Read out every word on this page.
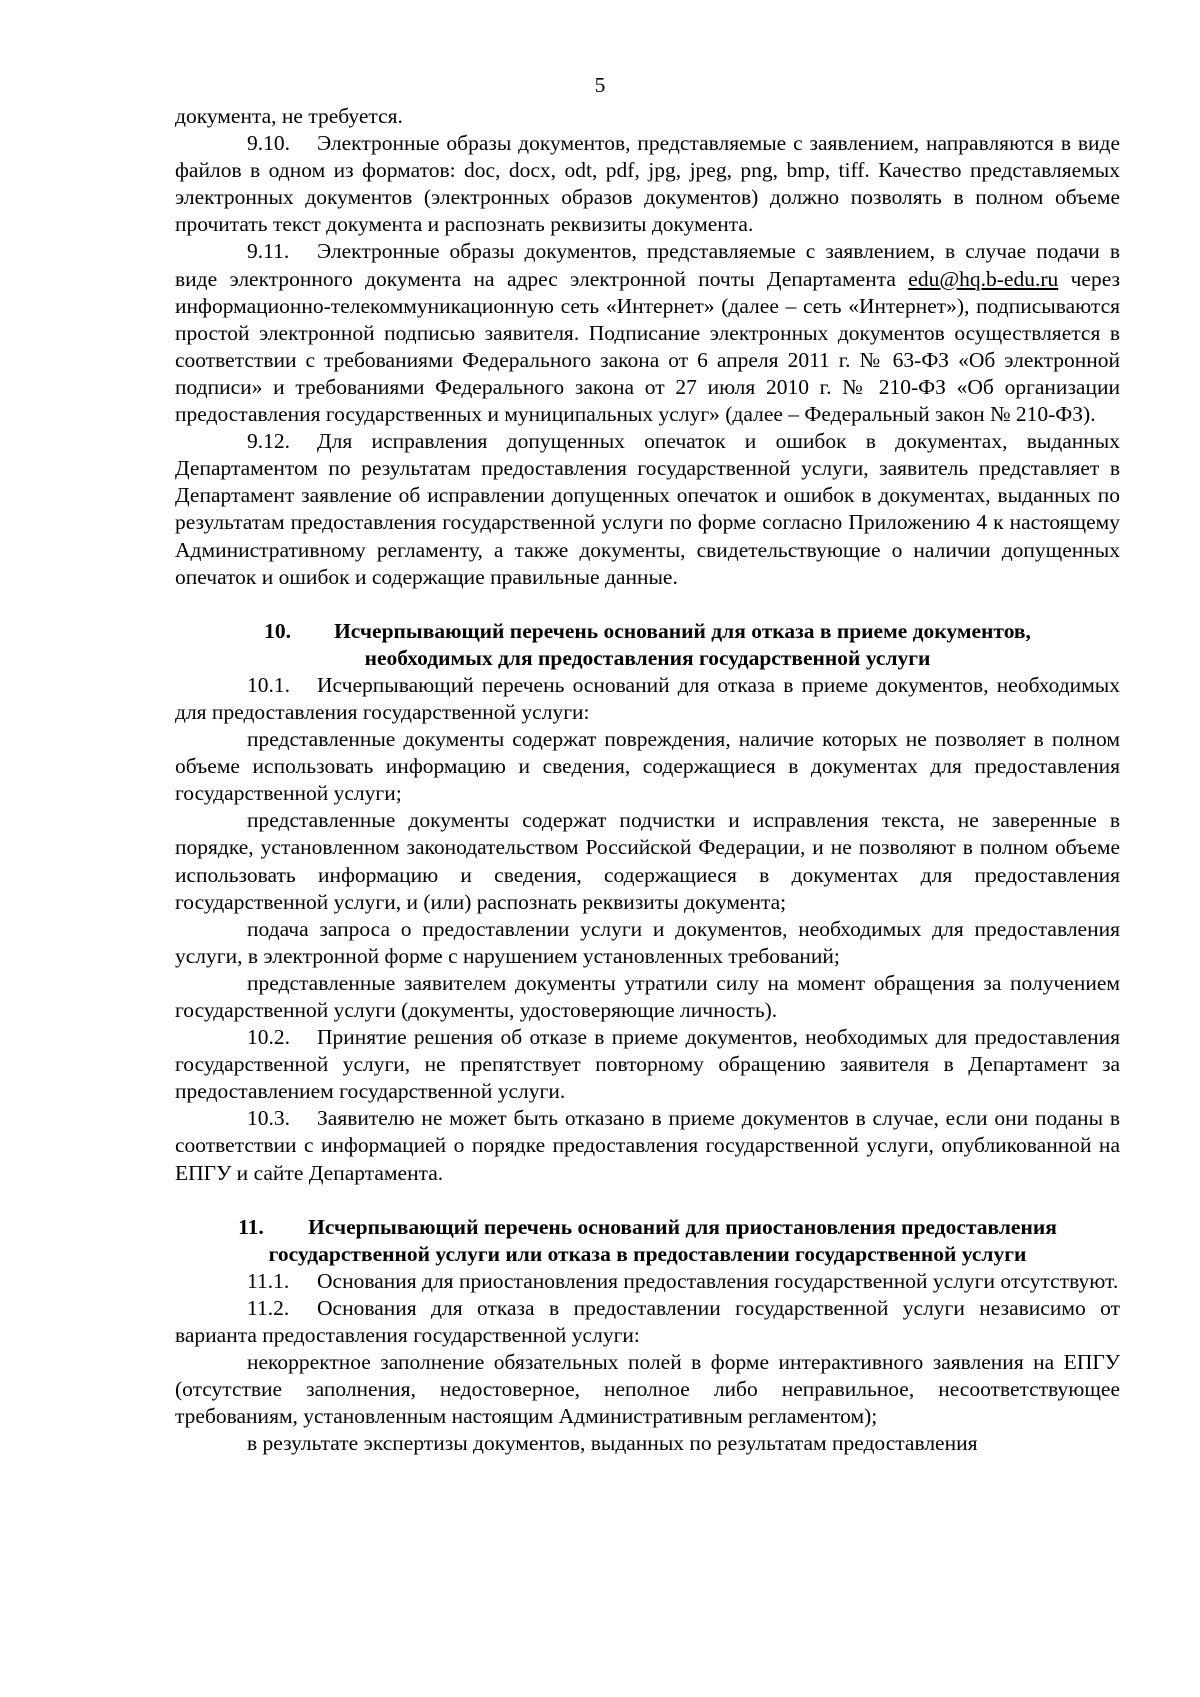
5

документа, не требуется.

9.10. Электронные образы документов, представляемые с заявлением, направляются в виде файлов в одном из форматов: doc, docx, odt, pdf, jpg, jpeg, png, bmp, tiff. Качество представляемых электронных документов (электронных образов документов) должно позволять в полном объеме прочитать текст документа и распознать реквизиты документа.

9.11. Электронные образы документов, представляемые с заявлением, в случае подачи в виде электронного документа на адрес электронной почты Департамента edu@hq.b-edu.ru через информационно-телекоммуникационную сеть «Интернет» (далее – сеть «Интернет»), подписываются простой электронной подписью заявителя. Подписание электронных документов осуществляется в соответствии с требованиями Федерального закона от 6 апреля 2011 г. № 63-ФЗ «Об электронной подписи» и требованиями Федерального закона от 27 июля 2010 г. № 210-ФЗ «Об организации предоставления государственных и муниципальных услуг» (далее – Федеральный закон № 210-ФЗ).

9.12. Для исправления допущенных опечаток и ошибок в документах, выданных Департаментом по результатам предоставления государственной услуги, заявитель представляет в Департамент заявление об исправлении допущенных опечаток и ошибок в документах, выданных по результатам предоставления государственной услуги по форме согласно Приложению 4 к настоящему Административному регламенту, а также документы, свидетельствующие о наличии допущенных опечаток и ошибок и содержащие правильные данные.

10. Исчерпывающий перечень оснований для отказа в приеме документов,
необходимых для предоставления государственной услуги

10.1. Исчерпывающий перечень оснований для отказа в приеме документов, необходимых для предоставления государственной услуги:

представленные документы содержат повреждения, наличие которых не позволяет в полном объеме использовать информацию и сведения, содержащиеся в документах для предоставления государственной услуги;

представленные документы содержат подчистки и исправления текста, не заверенные в порядке, установленном законодательством Российской Федерации, и не позволяют в полном объеме использовать информацию и сведения, содержащиеся в документах для предоставления государственной услуги, и (или) распознать реквизиты документа;

подача запроса о предоставлении услуги и документов, необходимых для предоставления услуги, в электронной форме с нарушением установленных требований;

представленные заявителем документы утратили силу на момент обращения за получением государственной услуги (документы, удостоверяющие личность).

10.2. Принятие решения об отказе в приеме документов, необходимых для предоставления государственной услуги, не препятствует повторному обращению заявителя в Департамент за предоставлением государственной услуги.

10.3. Заявителю не может быть отказано в приеме документов в случае, если они поданы в соответствии с информацией о порядке предоставления государственной услуги, опубликованной на ЕПГУ и сайте Департамента.

11. Исчерпывающий перечень оснований для приостановления предоставления
государственной услуги или отказа в предоставлении государственной услуги

11.1. Основания для приостановления предоставления государственной услуги отсутствуют.

11.2. Основания для отказа в предоставлении государственной услуги независимо от варианта предоставления государственной услуги:

некорректное заполнение обязательных полей в форме интерактивного заявления на ЕПГУ (отсутствие заполнения, недостоверное, неполное либо неправильное, несоответствующее требованиям, установленным настоящим Административным регламентом);

в результате экспертизы документов, выданных по результатам предоставления
